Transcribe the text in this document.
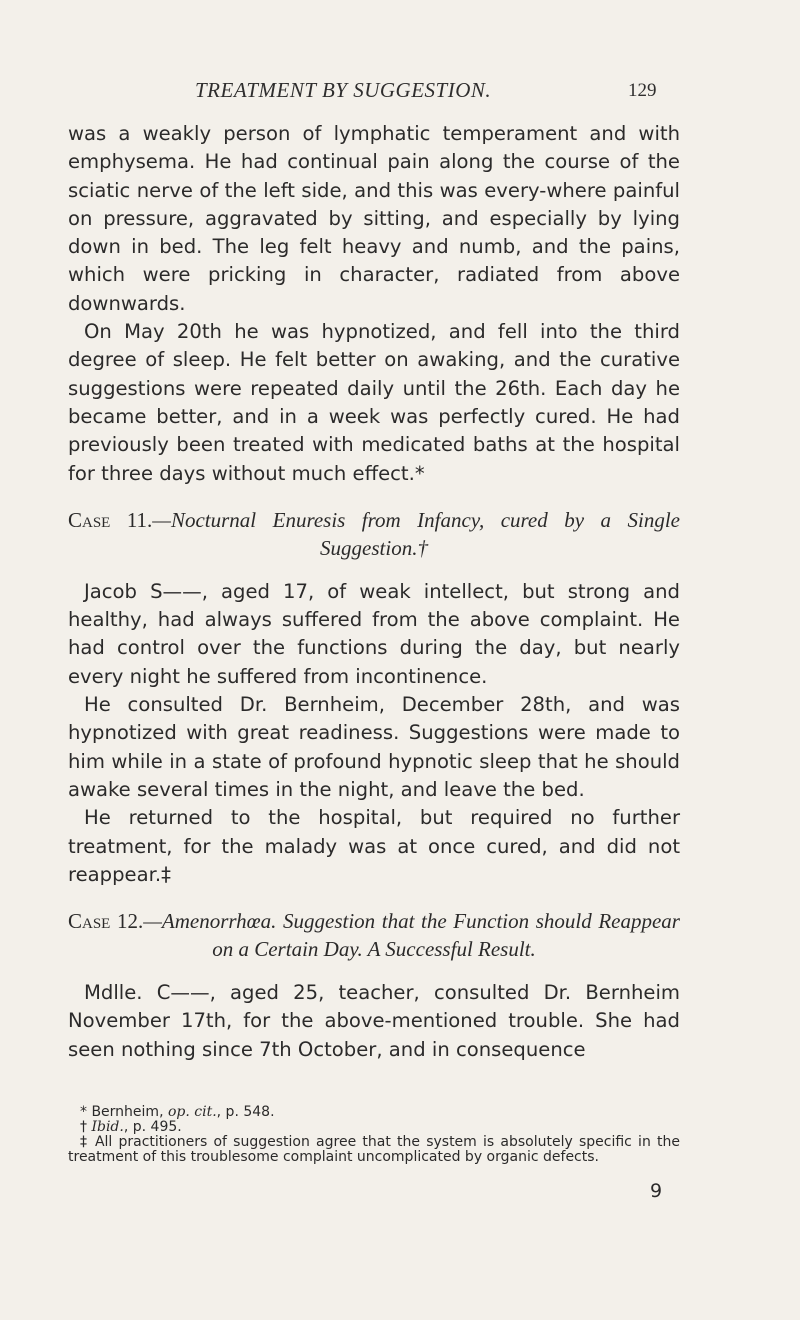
TREATMENT BY SUGGESTION.	129

was a weakly person of lymphatic temperament and with emphysema. He had continual pain along the course of the sciatic nerve of the left side, and this was every-where painful on pressure, aggravated by sitting, and especially by lying down in bed. The leg felt heavy and numb, and the pains, which were pricking in character, radiated from above downwards.

On May 20th he was hypnotized, and fell into the third degree of sleep. He felt better on awaking, and the curative suggestions were repeated daily until the 26th. Each day he became better, and in a week was perfectly cured. He had previously been treated with medicated baths at the hospital for three days without much effect.*

Case 11.—Nocturnal Enuresis from Infancy, cured by a Single Suggestion.†

Jacob S——, aged 17, of weak intellect, but strong and healthy, had always suffered from the above complaint. He had control over the functions during the day, but nearly every night he suffered from incontinence.

He consulted Dr. Bernheim, December 28th, and was hypnotized with great readiness. Suggestions were made to him while in a state of profound hypnotic sleep that he should awake several times in the night, and leave the bed.

He returned to the hospital, but required no further treatment, for the malady was at once cured, and did not reappear.‡

Case 12.—Amenorrhœa. Suggestion that the Function should Reappear on a Certain Day. A Successful Result.

Mdlle. C——, aged 25, teacher, consulted Dr. Bernheim November 17th, for the above-mentioned trouble. She had seen nothing since 7th October, and in consequence

* Bernheim, op. cit., p. 548.

† Ibid., p. 495.

‡ All practitioners of suggestion agree that the system is absolutely specific in the treatment of this troublesome complaint uncomplicated by organic defects.

9
